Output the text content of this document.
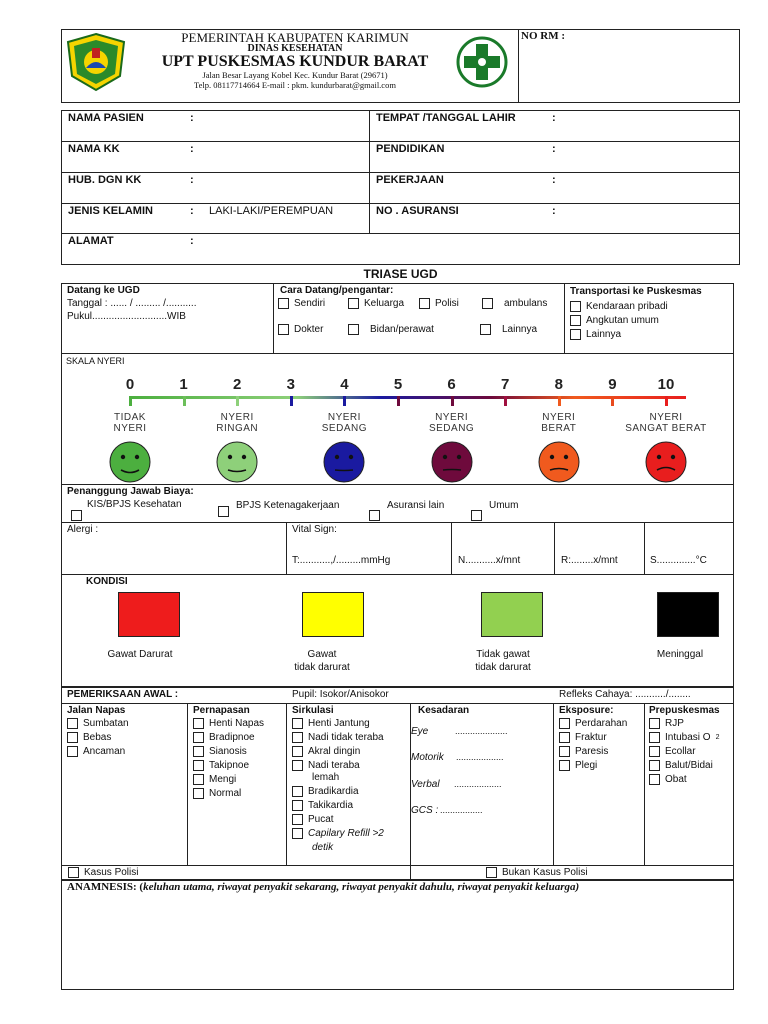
PEMERINTAH KABUPATEN KARIMUN
DINAS KESEHATAN
UPT PUSKESMAS KUNDUR BARAT
Jalan Besar Layang Kobel Kec. Kundur Barat (29671)
Telp. 08117714664 E-mail : pkm. kundurbarat@gmail.com
NO RM :
NAMA PASIEN	:
NAMA KK	:
HUB. DGN KK	:
JENIS KELAMIN	: LAKI-LAKI/PEREMPUAN
ALAMAT	:
TEMPAT /TANGGAL LAHIR	:
PENDIDIKAN	:
PEKERJAAN	:
NO . ASURANSI	:
TRIASE UGD
Datang ke UGD
Tanggal : ...... / ......... /...........
Pukul...........................WIB
Cara Datang/pengantar:
Sendiri	Keluarga	Polisi	ambulans
Dokter	Bidan/perawat	Lainnya
Transportasi ke Puskesmas
Kendaraan pribadi
Angkutan umum
Lainnya
SKALA NYERI
0	1	2	3	4	5	6	7	8	9	10
TIDAK
NYERI
NYERI
RINGAN
NYERI
SEDANG
NYERI
SEDANG
NYERI
BERAT
NYERI
SANGAT BERAT
Penanggung Jawab Biaya:
KIS/BPJS Kesehatan	BPJS Ketenagakerjaan	Asuransi lain	Umum
Alergi :	Vital Sign:
T:...........,/.........mmHg	N...........x/mnt	R:........x/mnt	S..............°C
KONDISI
Gawat Darurat	Gawat
tidak darurat
Tidak gawat
tidak darurat
Meninggal
PEMERIKSAAN AWAL :	Pupil: Isokor/Anisokor	Refleks Cahaya: .........../........
Jalan Napas
Sumbatan
Bebas
Ancaman
Pernapasan
Henti Napas
Bradipnoe
Sianosis
Takipnoe
Mengi
Normal
Sirkulasi
Henti Jantung
Nadi tidak teraba
Akral dingin
Nadi teraba
Bradikardia
Takikardia
Pucat
Capilary Refill >2
lemah
detik
Kesadaran
Eye	.....................
Motorik ...................
Verbal ...................
GCS : .................
Eksposure:
Perdarahan
Fraktur
Paresis
Plegi
Prepuskesmas
RJP
Intubasi O 2
Ecollar
Balut/Bidai
Obat
Kasus Polisi	Bukan Kasus Polisi
ANAMNESIS: (keluhan utama, riwayat penyakit sekarang, riwayat penyakit dahulu, riwayat penyakit keluarga)
